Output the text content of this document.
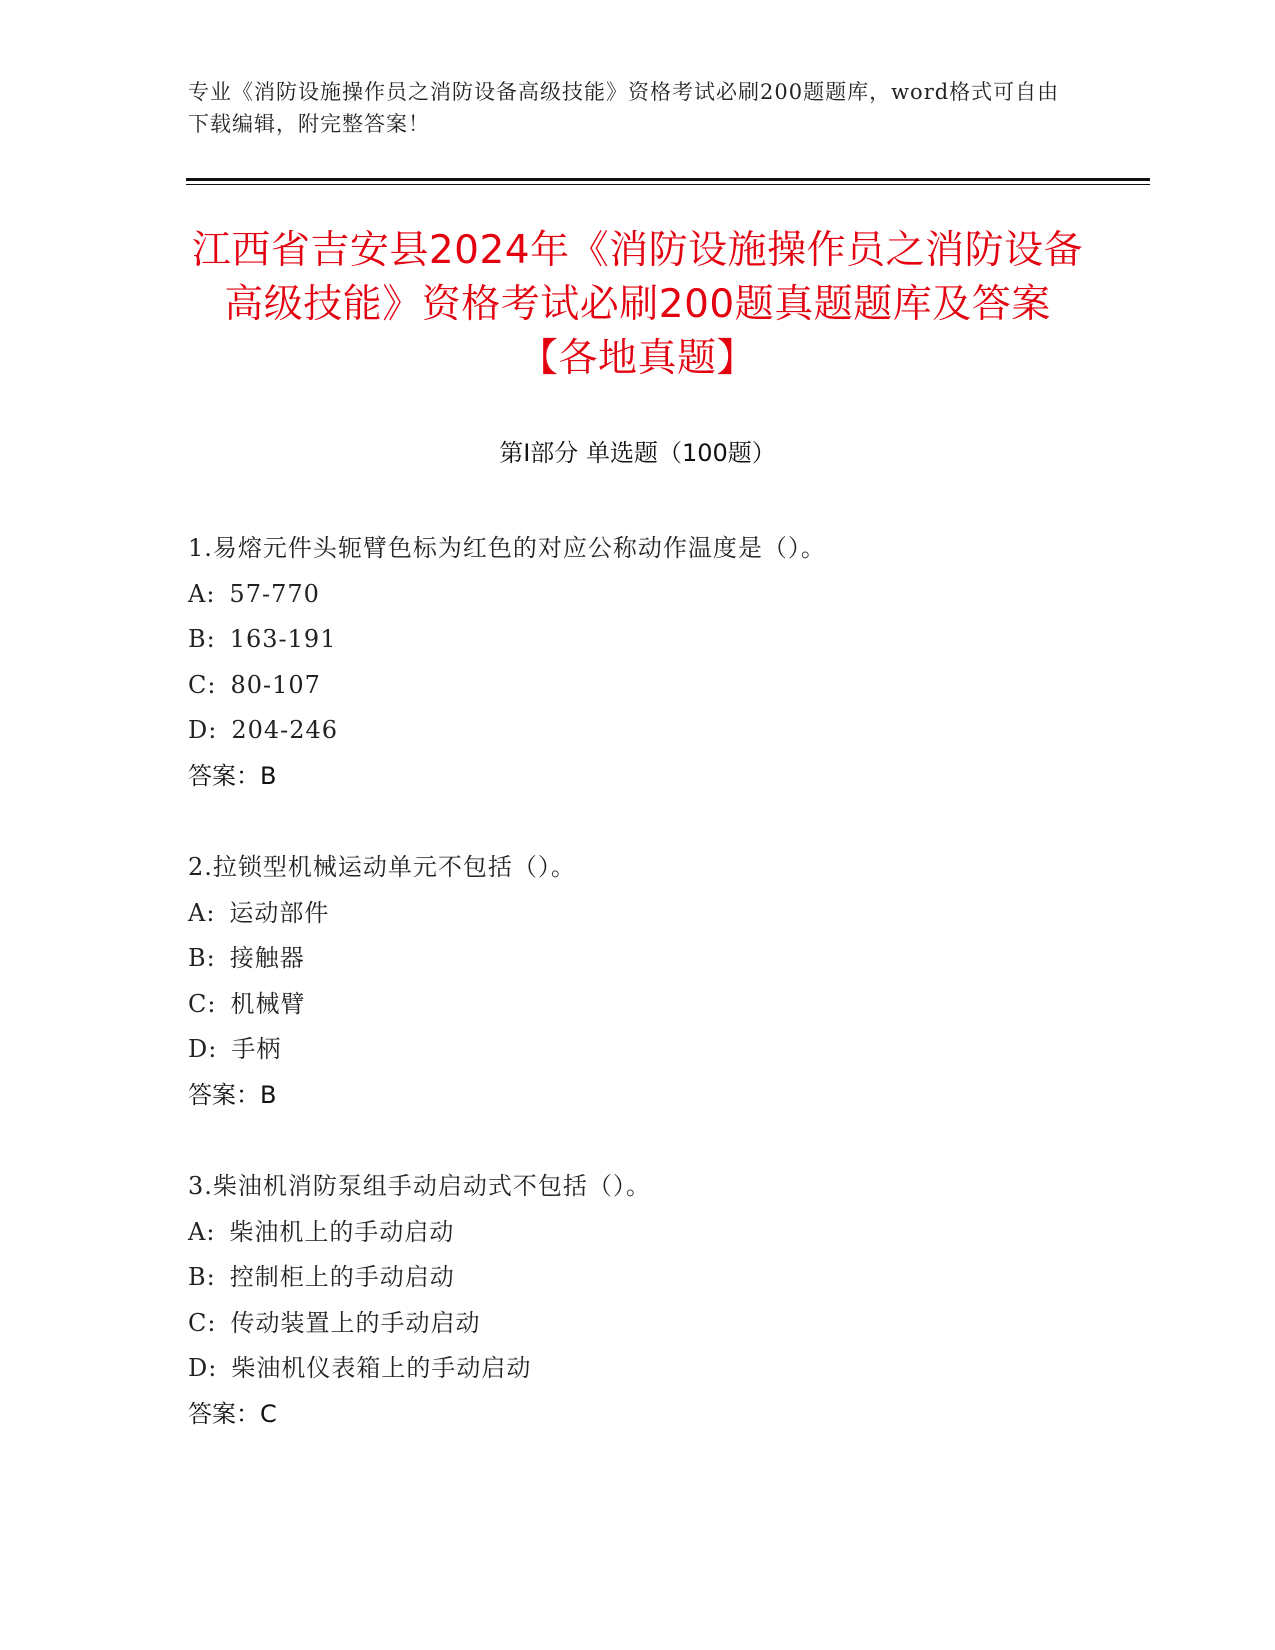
专业《消防设施操作员之消防设备高级技能》资格考试必刷200题题库，word格式可自由下载编辑，附完整答案！
江西省吉安县2024年《消防设施操作员之消防设备高级技能》资格考试必刷200题真题题库及答案【各地真题】
第Ⅰ部分 单选题（100题）
1.易熔元件头轭臂色标为红色的对应公称动作温度是（）。
A: 57-770
B: 163-191
C: 80-107
D: 204-246
答案：B
2.拉锁型机械运动单元不包括（）。
A: 运动部件
B: 接触器
C: 机械臂
D: 手柄
答案：B
3.柴油机消防泵组手动启动式不包括（）。
A: 柴油机上的手动启动
B: 控制柜上的手动启动
C: 传动装置上的手动启动
D: 柴油机仪表箱上的手动启动
答案：C
